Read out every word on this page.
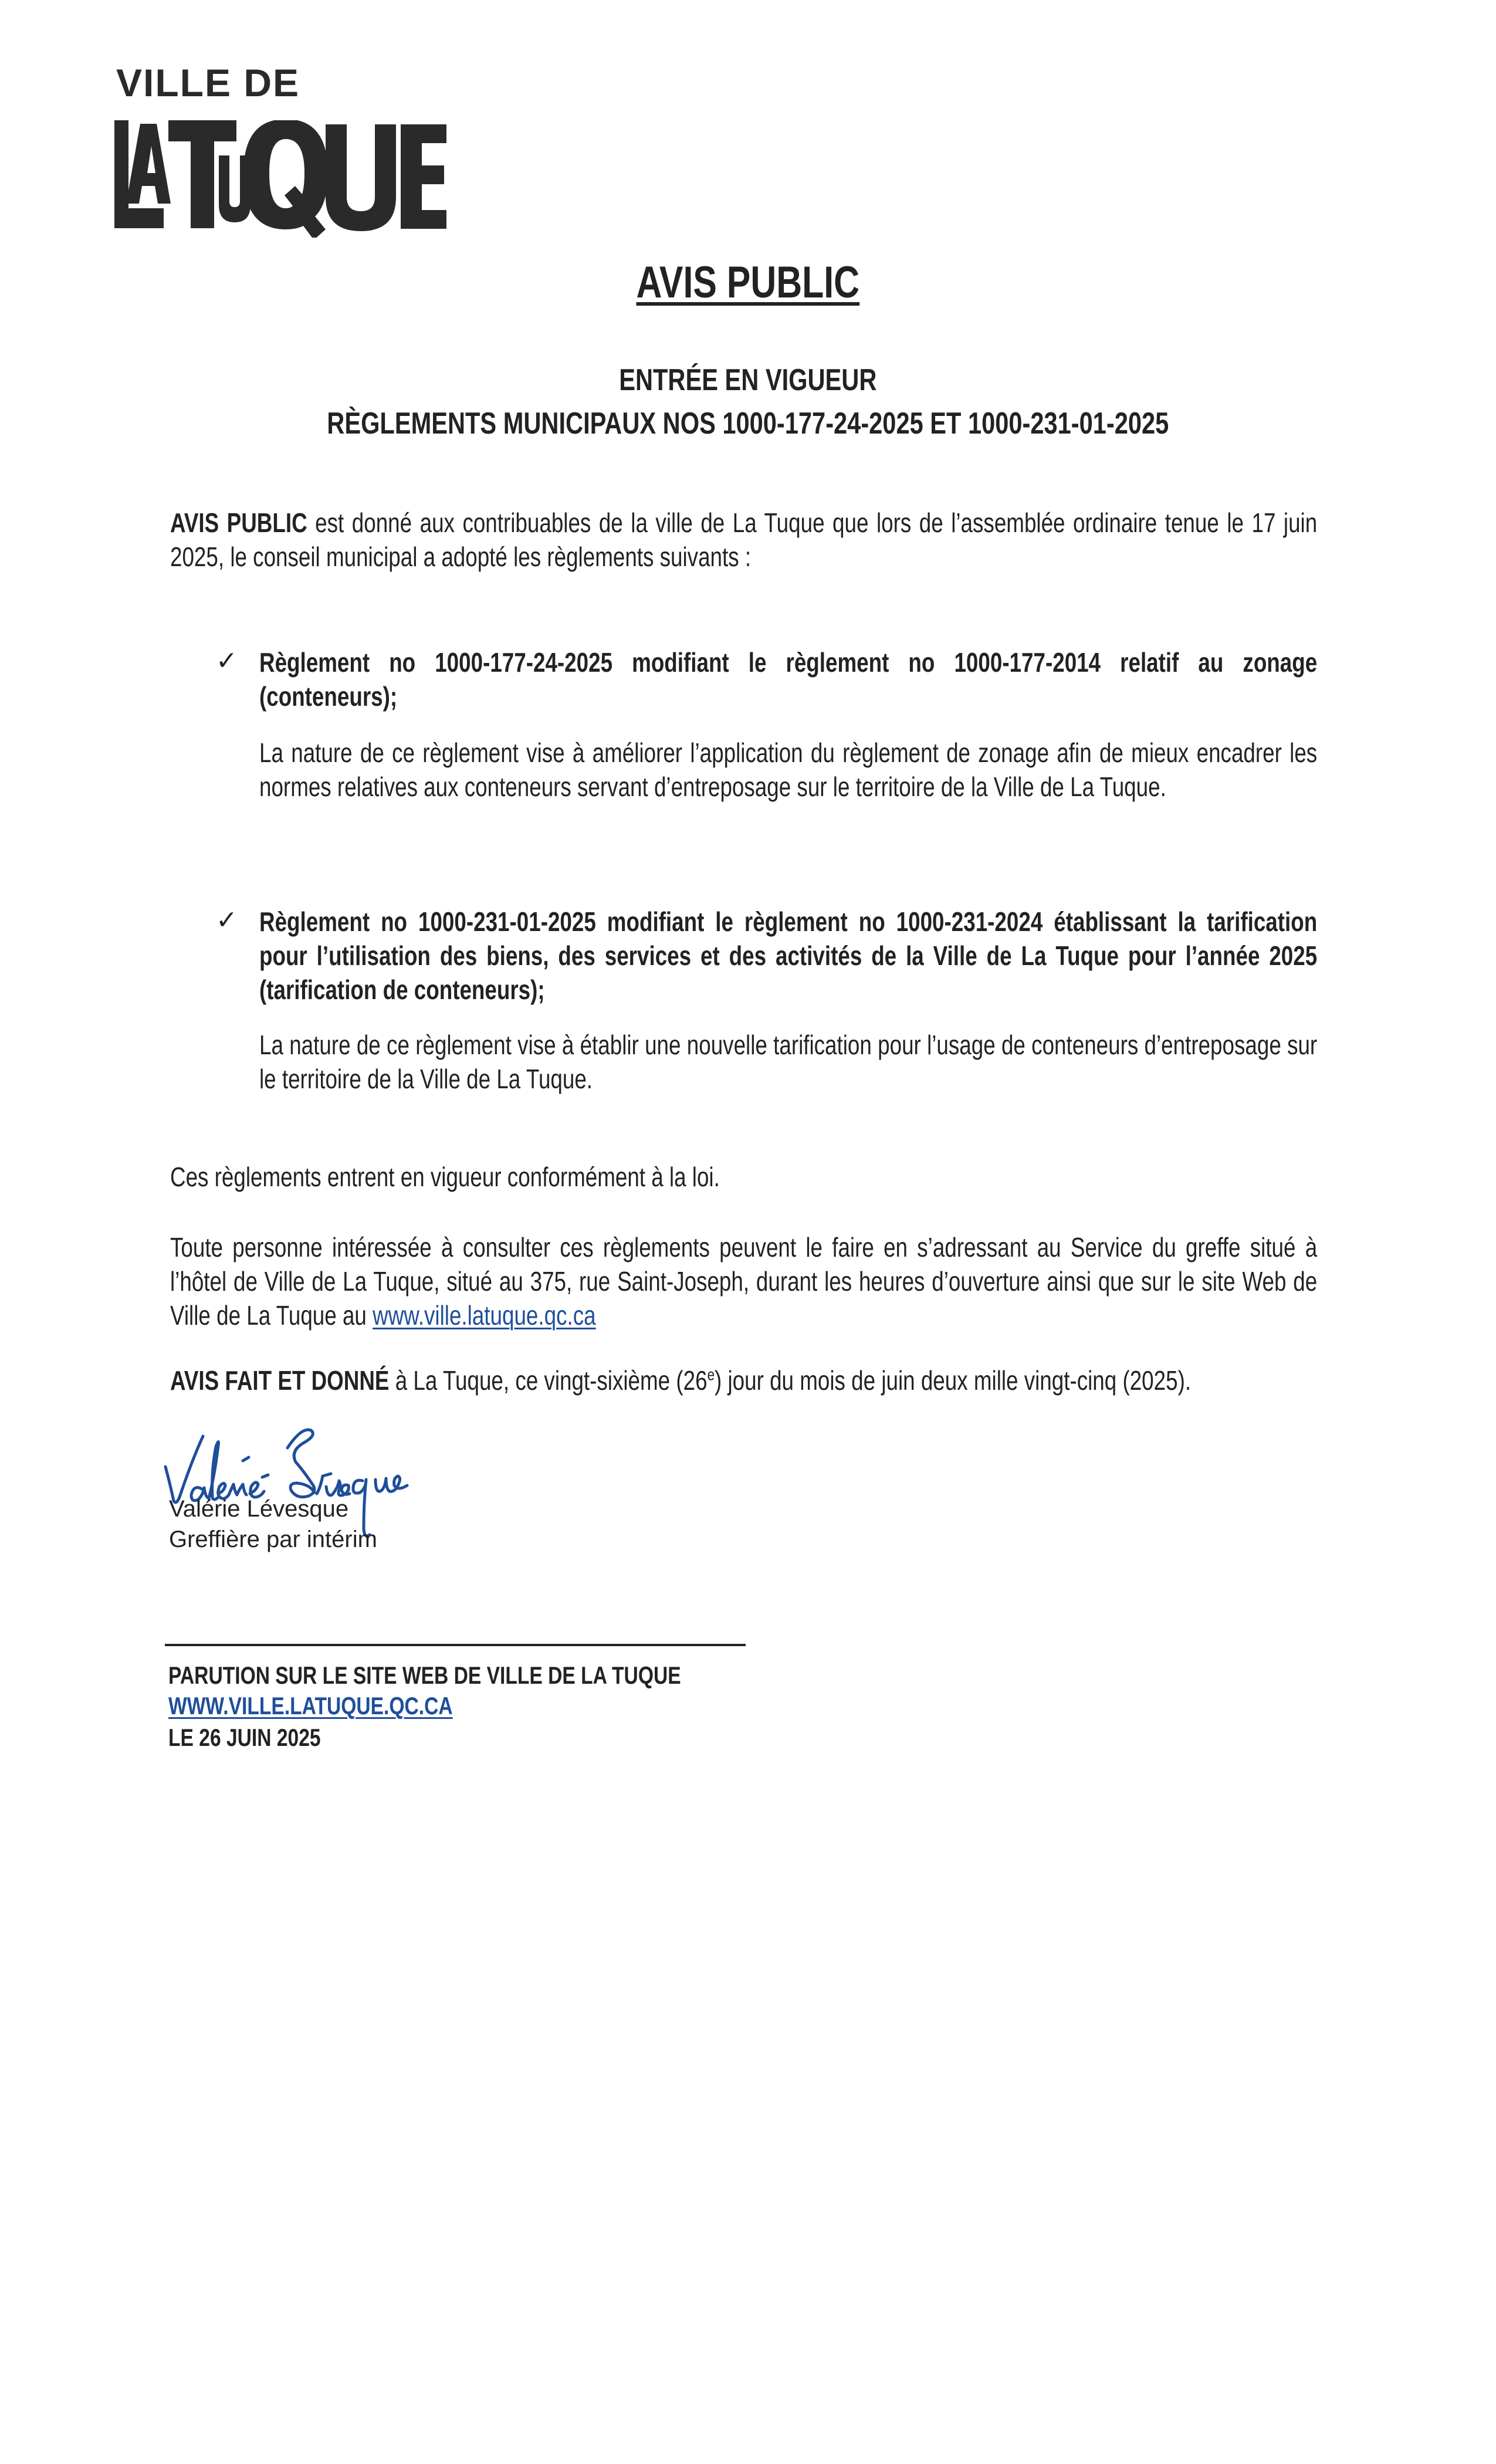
VILLE DE
AVIS PUBLIC
ENTRÉE EN VIGUEUR
RÈGLEMENTS MUNICIPAUX NOS 1000-177-24-2025 ET 1000-231-01-2025

AVIS PUBLIC est donné aux contribuables de la ville de La Tuque que lors de l’assemblée ordinaire tenue le 17 juin 2025, le conseil municipal a adopté les règlements suivants :

✓ Règlement no 1000-177-24-2025 modifiant le règlement no 1000-177-2014 relatif au zonage (conteneurs);

La nature de ce règlement vise à améliorer l’application du règlement de zonage afin de mieux encadrer les normes relatives aux conteneurs servant d’entreposage sur le territoire de la Ville de La Tuque.

✓ Règlement no 1000-231-01-2025 modifiant le règlement no 1000-231-2024 établissant la tarification pour l’utilisation des biens, des services et des activités de la Ville de La Tuque pour l’année 2025 (tarification de conteneurs);

La nature de ce règlement vise à établir une nouvelle tarification pour l’usage de conteneurs d’entreposage sur le territoire de la Ville de La Tuque.

Ces règlements entrent en vigueur conformément à la loi.

Toute personne intéressée à consulter ces règlements peuvent le faire en s’adressant au Service du greffe situé à l’hôtel de Ville de La Tuque, situé au 375, rue Saint-Joseph, durant les heures d’ouverture ainsi que sur le site Web de Ville de La Tuque au www.ville.latuque.qc.ca

AVIS FAIT ET DONNÉ à La Tuque, ce vingt-sixième (26e) jour du mois de juin deux mille vingt-cinq (2025).

Valérie Lévesque
Greffière par intérim
PARUTION SUR LE SITE WEB DE VILLE DE LA TUQUE
WWW.VILLE.LATUQUE.QC.CA
LE 26 JUIN 2025
